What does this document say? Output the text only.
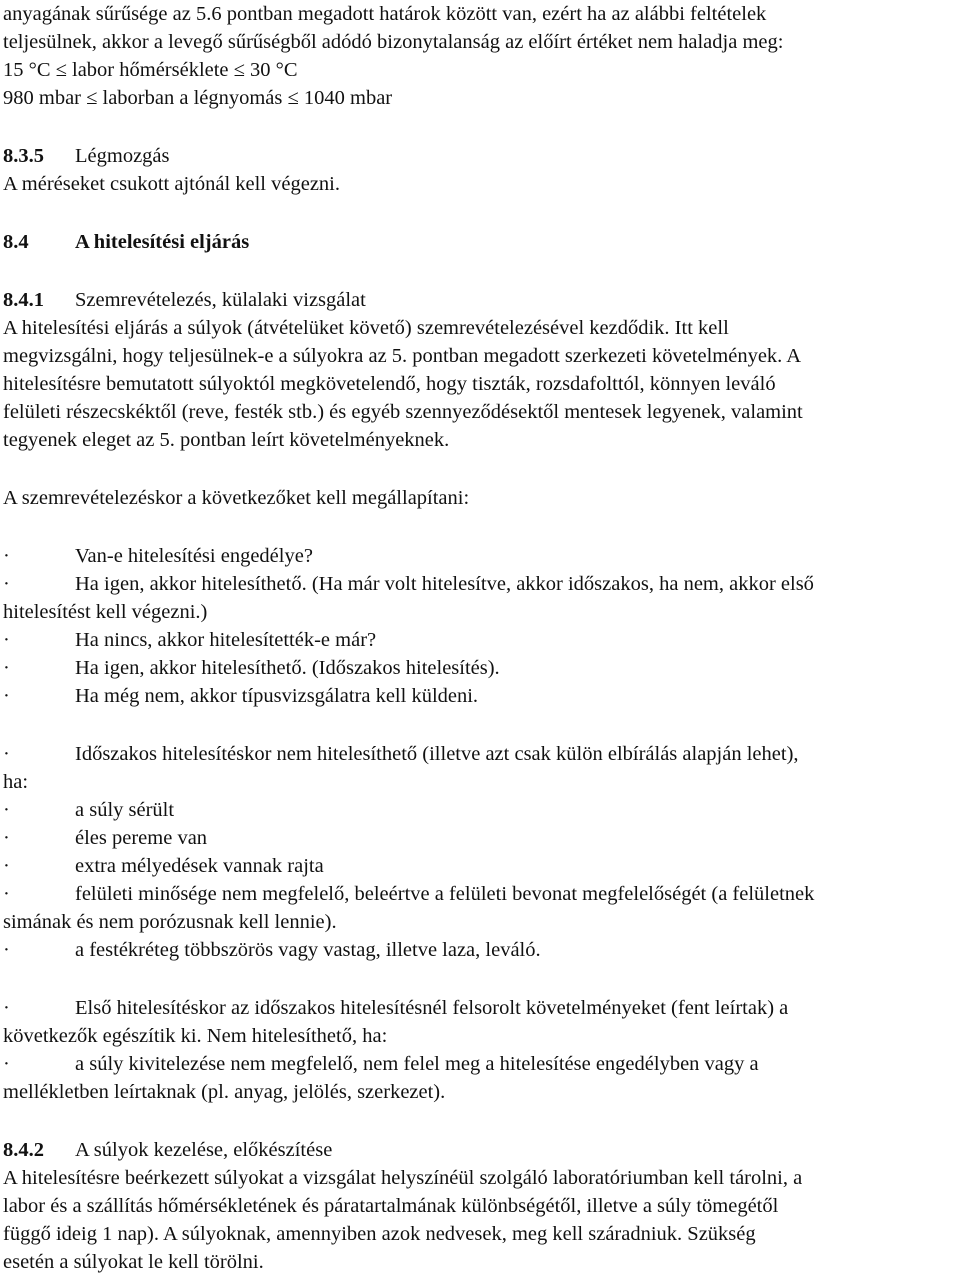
anyagának sűrűsége az 5.6 pontban megadott határok között van, ezért ha az alábbi feltételek

teljesülnek, akkor a levegő sűrűségből adódó bizonytalanság az előírt értéket nem haladja meg:

15 °C ≤ labor hőmérséklete ≤ 30 °C

980 mbar ≤ laborban a légnyomás ≤ 1040 mbar

8.3.5 Légmozgás

A méréseket csukott ajtónál kell végezni.

8.4 A hitelesítési eljárás

8.4.1 Szemrevételezés, külalaki vizsgálat

A hitelesítési eljárás a súlyok (átvételüket követő) szemrevételezésével kezdődik. Itt kell

megvizsgálni, hogy teljesülnek-e a súlyokra az 5. pontban megadott szerkezeti követelmények. A

hitelesítésre bemutatott súlyoktól megkövetelendő, hogy tiszták, rozsdafolttól, könnyen leváló

felületi részecskéktől (reve, festék stb.) és egyéb szennyeződésektől mentesek legyenek, valamint

tegyenek eleget az 5. pontban leírt követelményeknek.

A szemrevételezéskor a következőket kell megállapítani:

·	Van-e hitelesítési engedélye?

·	Ha igen, akkor hitelesíthető. (Ha már volt hitelesítve, akkor időszakos, ha nem, akkor első

hitelesítést kell végezni.)

·	Ha nincs, akkor hitelesítették-e már?

·	Ha igen, akkor hitelesíthető. (Időszakos hitelesítés).

·	Ha még nem, akkor típusvizsgálatra kell küldeni.

·	Időszakos hitelesítéskor nem hitelesíthető (illetve azt csak külön elbírálás alapján lehet),

ha:

·	a súly sérült

·	éles pereme van

·	extra mélyedések vannak rajta

·	felületi minősége nem megfelelő, beleértve a felületi bevonat megfelelőségét (a felületnek

simának és nem porózusnak kell lennie).

·	a festékréteg többszörös vagy vastag, illetve laza, leváló.

·	Első hitelesítéskor az időszakos hitelesítésnél felsorolt követelményeket (fent leírtak) a

következők egészítik ki. Nem hitelesíthető, ha:

·	a súly kivitelezése nem megfelelő, nem felel meg a hitelesítése engedélyben vagy a

mellékletben leírtaknak (pl. anyag, jelölés, szerkezet).

8.4.2 A súlyok kezelése, előkészítése

A hitelesítésre beérkezett súlyokat a vizsgálat helyszínéül szolgáló laboratóriumban kell tárolni, a

labor és a szállítás hőmérsékletének és páratartalmának különbségétől, illetve a súly tömegétől

függő ideig 1 nap). A súlyoknak, amennyiben azok nedvesek, meg kell száradniuk. Szükség

esetén a súlyokat le kell törölni.
